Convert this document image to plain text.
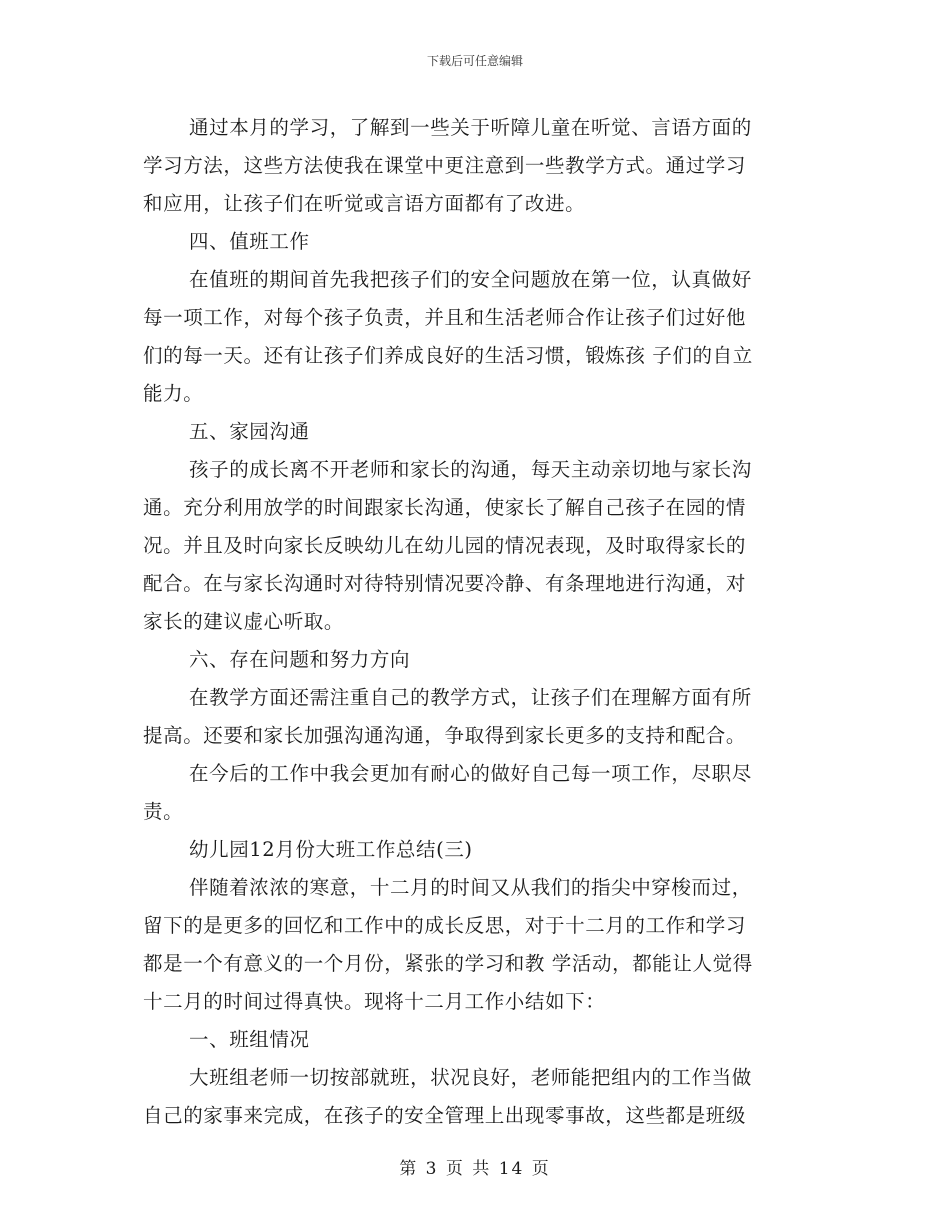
下载后可任意编辑
通过本月的学习，了解到一些关于听障儿童在听觉、言语方面的
学习方法，这些方法使我在课堂中更注意到一些教学方式。通过学习
和应用，让孩子们在听觉或言语方面都有了改进。
四、值班工作
在值班的期间首先我把孩子们的安全问题放在第一位，认真做好
每一项工作，对每个孩子负责，并且和生活老师合作让孩子们过好他
们的每一天。还有让孩子们养成良好的生活习惯，锻炼孩 子们的自立
能力。
五、家园沟通
孩子的成长离不开老师和家长的沟通，每天主动亲切地与家长沟
通。充分利用放学的时间跟家长沟通，使家长了解自己孩子在园的情
况。并且及时向家长反映幼儿在幼儿园的情况表现，及时取得家长的
配合。在与家长沟通时对待特别情况要冷静、有条理地进行沟通，对
家长的建议虚心听取。
六、存在问题和努力方向
在教学方面还需注重自己的教学方式，让孩子们在理解方面有所
提高。还要和家长加强沟通沟通，争取得到家长更多的支持和配合。
在今后的工作中我会更加有耐心的做好自己每一项工作，尽职尽
责。
幼儿园12月份大班工作总结(三)
伴随着浓浓的寒意，十二月的时间又从我们的指尖中穿梭而过，
留下的是更多的回忆和工作中的成长反思，对于十二月的工作和学习
都是一个有意义的一个月份，紧张的学习和教 学活动，都能让人觉得
十二月的时间过得真快。现将十二月工作小结如下：
一、班组情况
大班组老师一切按部就班，状况良好，老师能把组内的工作当做
自己的家事来完成，在孩子的安全管理上出现零事故，这些都是班级
第 3 页 共 14 页
